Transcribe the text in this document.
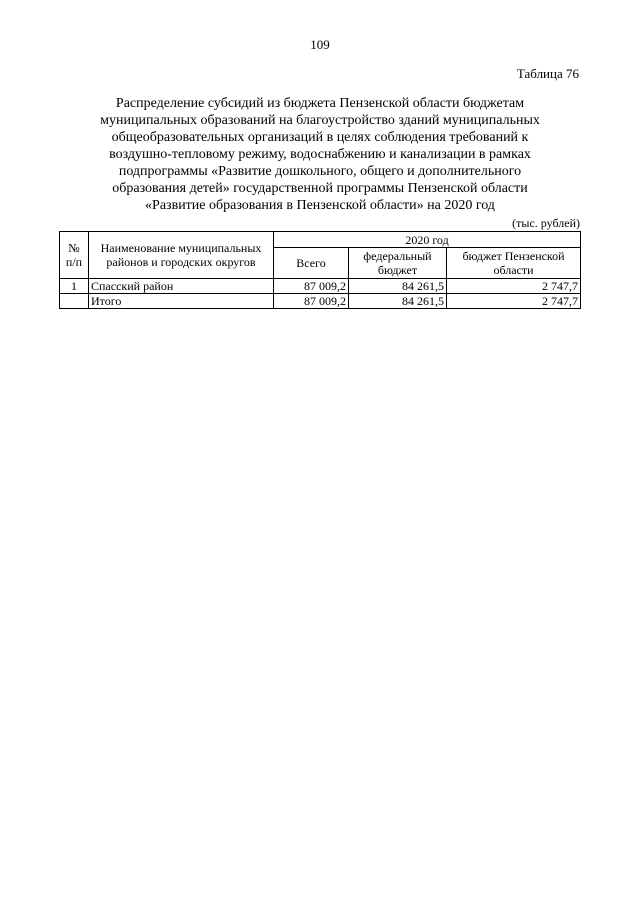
109
Таблица 76
Распределение субсидий из бюджета Пензенской области бюджетам
муниципальных образований на благоустройство зданий муниципальных
общеобразовательных организаций в целях соблюдения требований к
воздушно-тепловому режиму, водоснабжению и канализации в рамках
подпрограммы «Развитие дошкольного, общего и дополнительного
образования детей» государственной программы Пензенской области
«Развитие образования в Пензенской области» на 2020 год
(тыс. рублей)
№ п/п	Наименование муниципальных районов и городских округов	2020 год		
		Всего	федеральный бюджет	бюджет Пензенской области
1	Спасский район	87 009,2	84 261,5	2 747,7
	Итого	87 009,2	84 261,5	2 747,7
